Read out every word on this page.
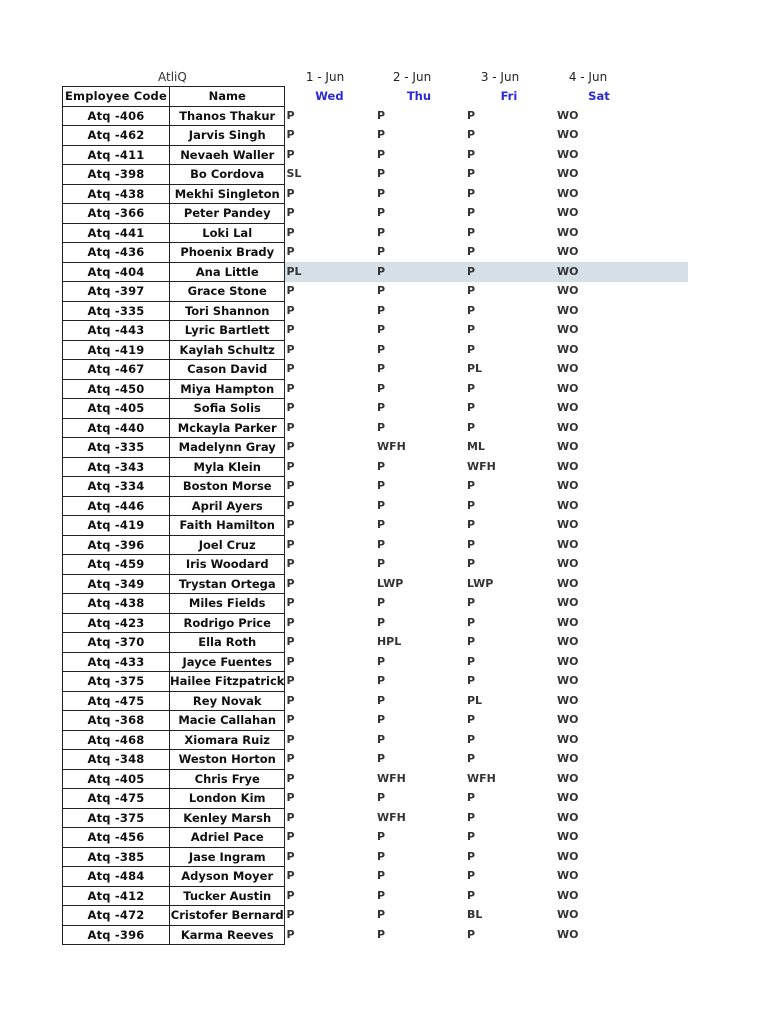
AtliQ	1 - Jun	2 - Jun	3 - Jun	4 - Jun
Employee Code	Name	Wed	Thu	Fri	Sat	
Atq -406	Thanos Thakur	P	P	P	WO	
Atq -462	Jarvis Singh	P	P	P	WO	
Atq -411	Nevaeh Waller	P	P	P	WO	
Atq -398	Bo Cordova	SL	P	P	WO	
Atq -438	Mekhi Singleton	P	P	P	WO	
Atq -366	Peter Pandey	P	P	P	WO	
Atq -441	Loki Lal	P	P	P	WO	
Atq -436	Phoenix Brady	P	P	P	WO	
Atq -404	Ana Little	PL	P	P	WO	
Atq -397	Grace Stone	P	P	P	WO	
Atq -335	Tori Shannon	P	P	P	WO	
Atq -443	Lyric Bartlett	P	P	P	WO	
Atq -419	Kaylah Schultz	P	P	P	WO	
Atq -467	Cason David	P	P	PL	WO	
Atq -450	Miya Hampton	P	P	P	WO	
Atq -405	Sofia Solis	P	P	P	WO	
Atq -440	Mckayla Parker	P	P	P	WO	
Atq -335	Madelynn Gray	P	WFH	ML	WO	
Atq -343	Myla Klein	P	P	WFH	WO	
Atq -334	Boston Morse	P	P	P	WO	
Atq -446	April Ayers	P	P	P	WO	
Atq -419	Faith Hamilton	P	P	P	WO	
Atq -396	Joel Cruz	P	P	P	WO	
Atq -459	Iris Woodard	P	P	P	WO	
Atq -349	Trystan Ortega	P	LWP	LWP	WO	
Atq -438	Miles Fields	P	P	P	WO	
Atq -423	Rodrigo Price	P	P	P	WO	
Atq -370	Ella Roth	P	HPL	P	WO	
Atq -433	Jayce Fuentes	P	P	P	WO	
Atq -375	Hailee Fitzpatrick	P	P	P	WO	
Atq -475	Rey Novak	P	P	PL	WO	
Atq -368	Macie Callahan	P	P	P	WO	
Atq -468	Xiomara Ruiz	P	P	P	WO	
Atq -348	Weston Horton	P	P	P	WO	
Atq -405	Chris Frye	P	WFH	WFH	WO	
Atq -475	London Kim	P	P	P	WO	
Atq -375	Kenley Marsh	P	WFH	P	WO	
Atq -456	Adriel Pace	P	P	P	WO	
Atq -385	Jase Ingram	P	P	P	WO	
Atq -484	Adyson Moyer	P	P	P	WO	
Atq -412	Tucker Austin	P	P	P	WO	
Atq -472	Cristofer Bernard	P	P	BL	WO	
Atq -396	Karma Reeves	P	P	P	WO	
